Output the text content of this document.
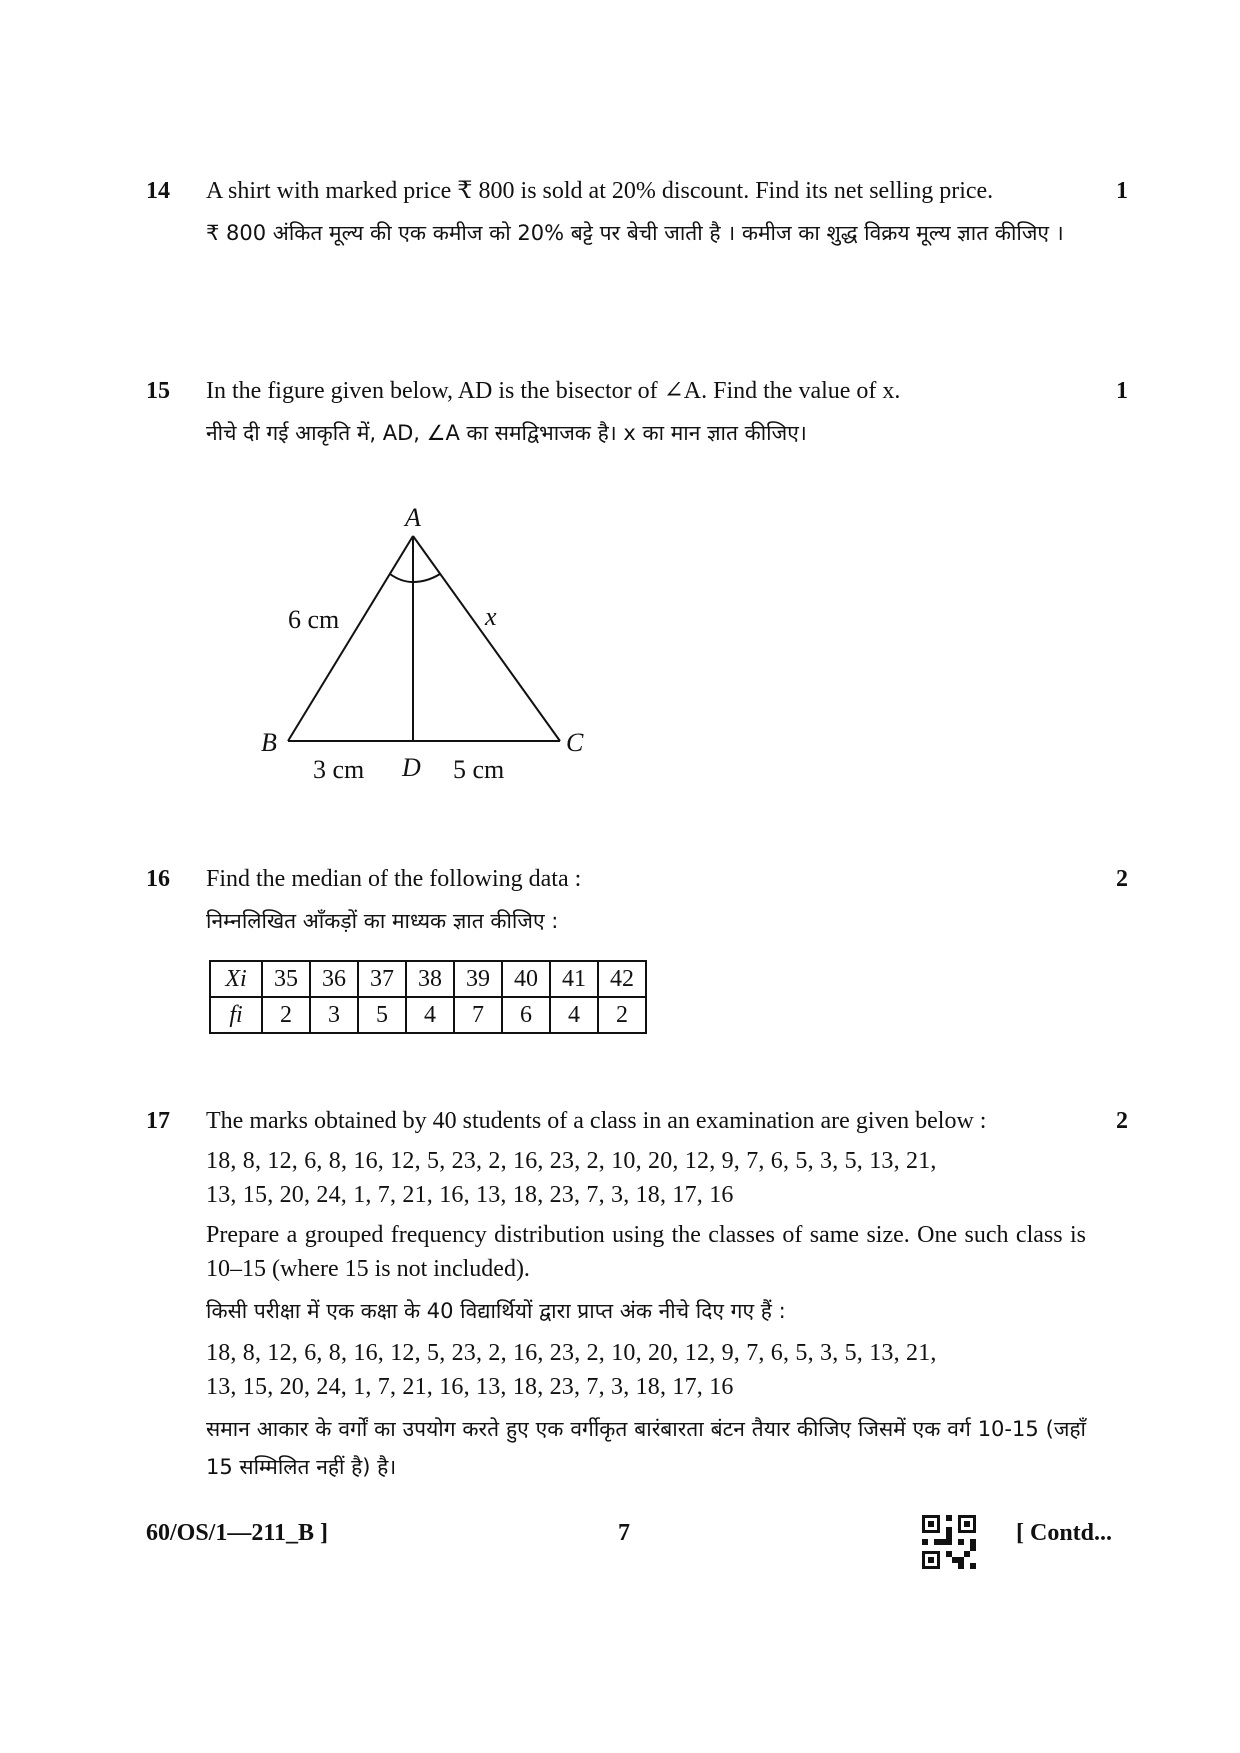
14	1

A shirt with marked price ₹ 800 is sold at 20% discount. Find its net selling price.

₹ 800 अंकित मूल्य की एक कमीज को 20% बट्टे पर बेची जाती है । कमीज का शुद्ध विक्रय मूल्य ज्ञात कीजिए ।

15	1

In the figure given below, AD is the bisector of ∠A. Find the value of x.

नीचे दी गई आकृति में, AD, ∠A का समद्विभाजक है। x का मान ज्ञात कीजिए।

A
B	C
D
6 cm	x
3 cm	5 cm
16	2

Find the median of the following data :

निम्नलिखित आँकड़ों का माध्यक ज्ञात कीजिए :

Xi	35	36	37	38	39	40	41	42
fi	2	3	5	4	7	6	4	2
17	2

The marks obtained by 40 students of a class in an examination are given below :

18, 8, 12, 6, 8, 16, 12, 5, 23, 2, 16, 23, 2, 10, 20, 12, 9, 7, 6, 5, 3, 5, 13, 21,

13, 15, 20, 24, 1, 7, 21, 16, 13, 18, 23, 7, 3, 18, 17, 16

Prepare a grouped frequency distribution using the classes of same size. One such class is 10–15 (where 15 is not included).

किसी परीक्षा में एक कक्षा के 40 विद्यार्थियों द्वारा प्राप्त अंक नीचे दिए गए हैं :

18, 8, 12, 6, 8, 16, 12, 5, 23, 2, 16, 23, 2, 10, 20, 12, 9, 7, 6, 5, 3, 5, 13, 21,

13, 15, 20, 24, 1, 7, 21, 16, 13, 18, 23, 7, 3, 18, 17, 16

समान आकार के वर्गों का उपयोग करते हुए एक वर्गीकृत बारंबारता बंटन तैयार कीजिए जिसमें एक वर्ग 10-15 (जहाँ 15 सम्मिलित नहीं है) है।

60/OS/1—211_B ]	7	[ Contd...
